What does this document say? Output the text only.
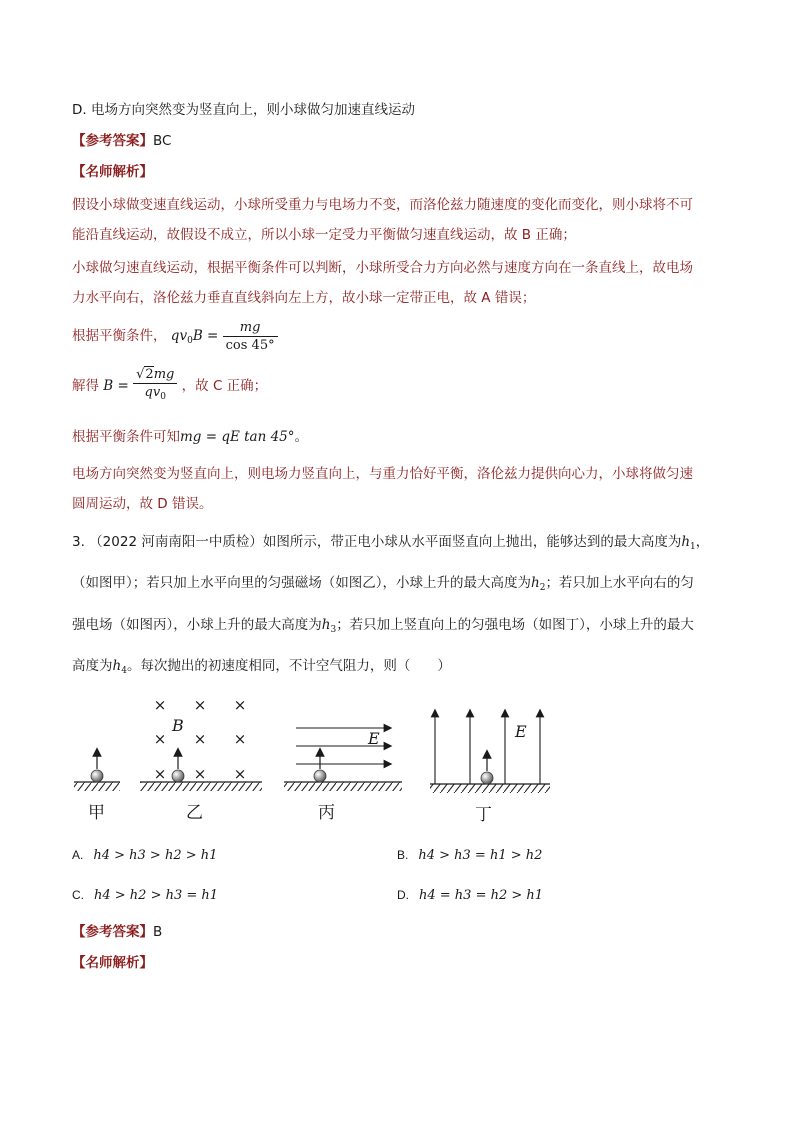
D. 电场方向突然变为竖直向上，则小球做匀加速直线运动
【参考答案】BC
【名师解析】
假设小球做变速直线运动，小球所受重力与电场力不变，而洛伦兹力随速度的变化而变化，则小球将不可
能沿直线运动，故假设不成立，所以小球一定受力平衡做匀速直线运动，故 B 正确；
小球做匀速直线运动，根据平衡条件可以判断，小球所受合力方向必然与速度方向在一条直线上，故电场
力水平向右，洛伦兹力垂直直线斜向左上方，故小球一定带正电，故 A 错误；
根据平衡条件， $qv_0B = \frac{mg}{\cos 45^\circ}$
解得 $B = \frac{√2mg}{qv_0}$ ，故 C 正确；
根据平衡条件可知mg = qE tan 45°。
电场方向突然变为竖直向上，则电场力竖直向上，与重力恰好平衡，洛伦兹力提供向心力，小球将做匀速
圆周运动，故 D 错误。
3. （2022 河南南阳一中质检）如图所示，带正电小球从水平面竖直向上抛出，能够达到的最大高度为$h_1$，
（如图甲）；若只加上水平向里的匀强磁场（如图乙），小球上升的最大高度为$h_2$；若只加上水平向右的匀
强电场（如图丙），小球上升的最大高度为$h_3$；若只加上竖直向上的匀强电场（如图丁），小球上升的最大
高度为$h_4$。每次抛出的初速度相同，不计空气阻力，则（　　）
× × ×
× × ×
× × ×
B
E	E
甲	乙	丙	丁
A. h4 > h3 > h2 > h1	B. h4 > h3 = h1 > h2
C. h4 > h2 > h3 = h1	D. h4 = h3 = h2 > h1
【参考答案】B
【名师解析】
